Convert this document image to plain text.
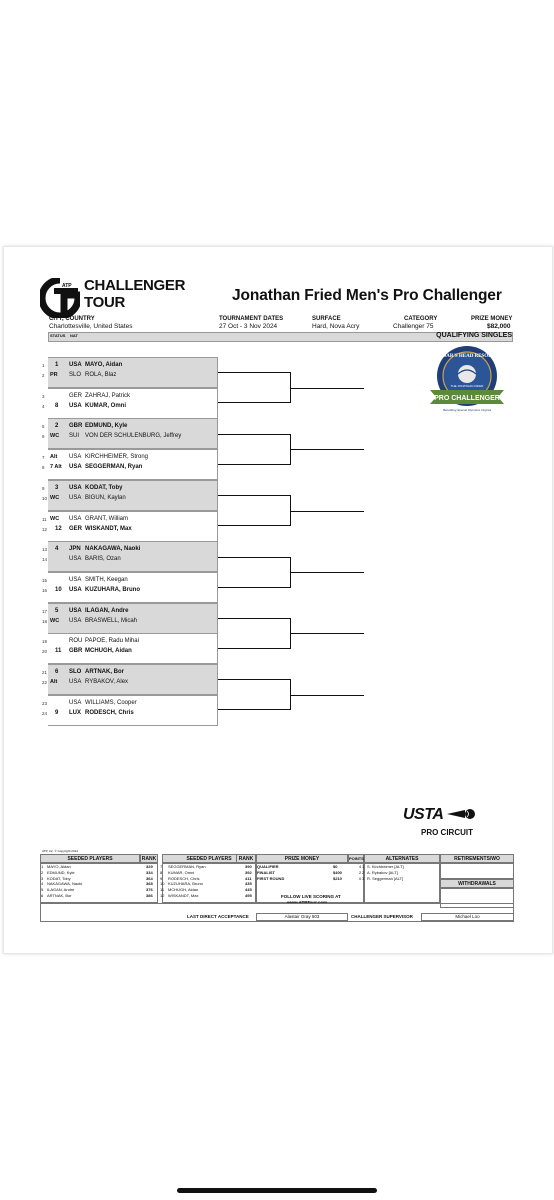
ATP CHALLENGER
TOUR	Jonathan Fried Men's Pro Challenger
CITY, COUNTRY
Charlottesville, United States
TOURNAMENT DATES
27 Oct - 3 Nov 2024
SURFACE
Hard, Nova Acry
CATEGORY
Challenger 75
PRIZE MONEY
$82,000
STATUS NAT	QUALIFYING SINGLES
BOAR'S HEAD RESORT
THE JONATHAN FRIED
PRO CHALLENGER
Benefiting Special Olympics Virginia
1 1 USA MAYO, Aidan
2 PR SLO ROLA, Blaz
3	GER ZAHRAJ, Patrick
4 8 USA KUMAR, Omni
5 2 GBR EDMUND, Kyle
6 WC SUI VON DER SCHULENBURG, Jeffrey
7 Alt USA KIRCHHEIMER, Strong
8 7 Alt USA SEGGERMAN, Ryan
9 3 USA KODAT, Toby
10 WC USA BIGUN, Kaylan
11 WC USA GRANT, William
12 12 GER WISKANDT, Max
13 4 JPN NAKAGAWA, Naoki
14	USA BARIS, Ozan
15	USA SMITH, Keegan
16 10 USA KUZUHARA, Bruno
17 5 USA ILAGAN, Andre
18 WC USA BRASWELL, Micah
19	ROU PAPOE, Radu Mihai
20 11 GBR MCHUGH, Aidan
21 6 SLO ARTNAK, Bor
22 Alt USA RYBAKOV, Alex
23	USA WILLIAMS, Cooper
24 9 LUX RODESCH, Chris
USTA
PRO CIRCUIT
ATP, Inc. © Copyright 2014
SEEDED PLAYERS	RANK
1 MAYO, Aidan	329
2 EDMUND, Kyle	334
3 KODAT, Toby	364
4 NAKAGAWA, Naoki	368
5 ILAGAN, Andre	376
6 ARTNAK, Bor	386
SEEDED PLAYERS	RANK
7 SEGGERMAN, Ryan	390
8 KUMAR, Omni	392
9 RODESCH, Chris	411
10 KUZUHARA, Bruno	435
11 MCHUGH, Aidan	445
12 WISKANDT, Max	495
PRIZE MONEY	POINTS
QUALIFIER	$0	4
FINALIST	$400	2
FIRST ROUND	$210	0
FOLLOW LIVE SCORING AT
www.ATPTour.com
ALTERNATES
1 S. Kirchheimer [ALT]
2 A. Rybakov [ALT]
3 R. Seggerman [ALT]
RETIREMENTS/WO
WITHDRAWALS
LAST DIRECT ACCEPTANCE	Alastair Gray 503	CHALLENGER SUPERVISOR	Michael Loo
